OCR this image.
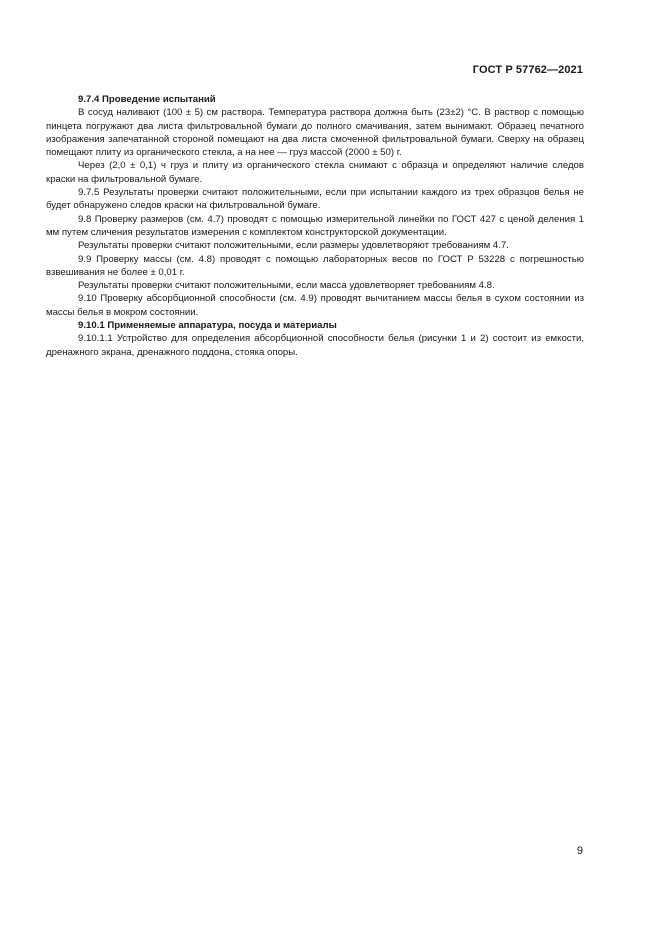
ГОСТ Р 57762—2021

9.7.4 Проведение испытаний

В сосуд наливают (100 ± 5) см раствора. Температура раствора должна быть (23±2) °C. В раствор с помощью пинцета погружают два листа фильтровальной бумаги до полного смачивания, затем вынимают. Образец печатного изображения запечатанной стороной помещают на два листа смоченной фильтровальной бумаги. Сверху на образец помещают плиту из органического стекла, а на нее — груз массой (2000 ± 50) г.

Через (2,0 ± 0,1) ч груз и плиту из органического стекла снимают с образца и определяют наличие следов краски на фильтровальной бумаге.

9.7.5 Результаты проверки считают положительными, если при испытании каждого из трех образцов белья не будет обнаружено следов краски на фильтровальной бумаге.

9.8 Проверку размеров (см. 4.7) проводят с помощью измерительной линейки по ГОСТ 427 с ценой деления 1 мм путем сличения результатов измерения с комплектом конструкторской документации.

Результаты проверки считают положительными, если размеры удовлетворяют требованиям 4.7.

9.9 Проверку массы (см. 4.8) проводят с помощью лабораторных весов по ГОСТ Р 53228 с погрешностью взвешивания не более ± 0,01 г.

Результаты проверки считают положительными, если масса удовлетворяет требованиям 4.8.

9.10 Проверку абсорбционной способности (см. 4.9) проводят вычитанием массы белья в сухом состоянии из массы белья в мокром состоянии.

9.10.1 Применяемые аппаратура, посуда и материалы

9.10.1.1 Устройство для определения абсорбционной способности белья (рисунки 1 и 2) состоит из емкости, дренажного экрана, дренажного поддона, стояка опоры.

9
